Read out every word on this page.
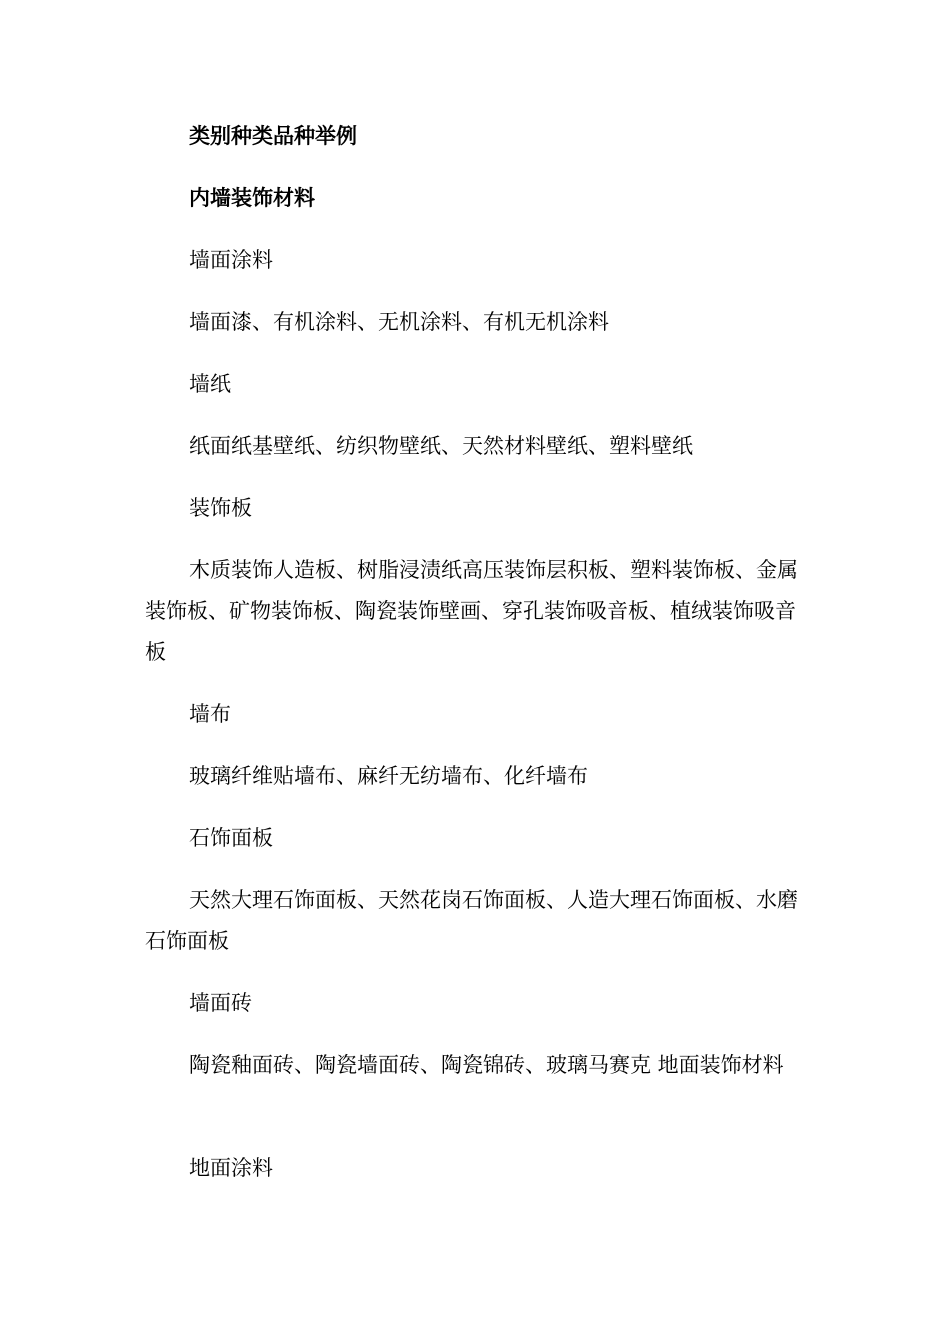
类别种类品种举例

内墙装饰材料

墙面涂料

墙面漆、有机涂料、无机涂料、有机无机涂料

墙纸

纸面纸基壁纸、纺织物壁纸、天然材料壁纸、塑料壁纸

装饰板

木质装饰人造板、树脂浸渍纸高压装饰层积板、塑料装饰板、金属装饰板、矿物装饰板、陶瓷装饰壁画、穿孔装饰吸音板、植绒装饰吸音板

墙布

玻璃纤维贴墙布、麻纤无纺墙布、化纤墙布

石饰面板

天然大理石饰面板、天然花岗石饰面板、人造大理石饰面板、水磨石饰面板

墙面砖

陶瓷釉面砖、陶瓷墙面砖、陶瓷锦砖、玻璃马赛克 地面装饰材料

地面涂料
